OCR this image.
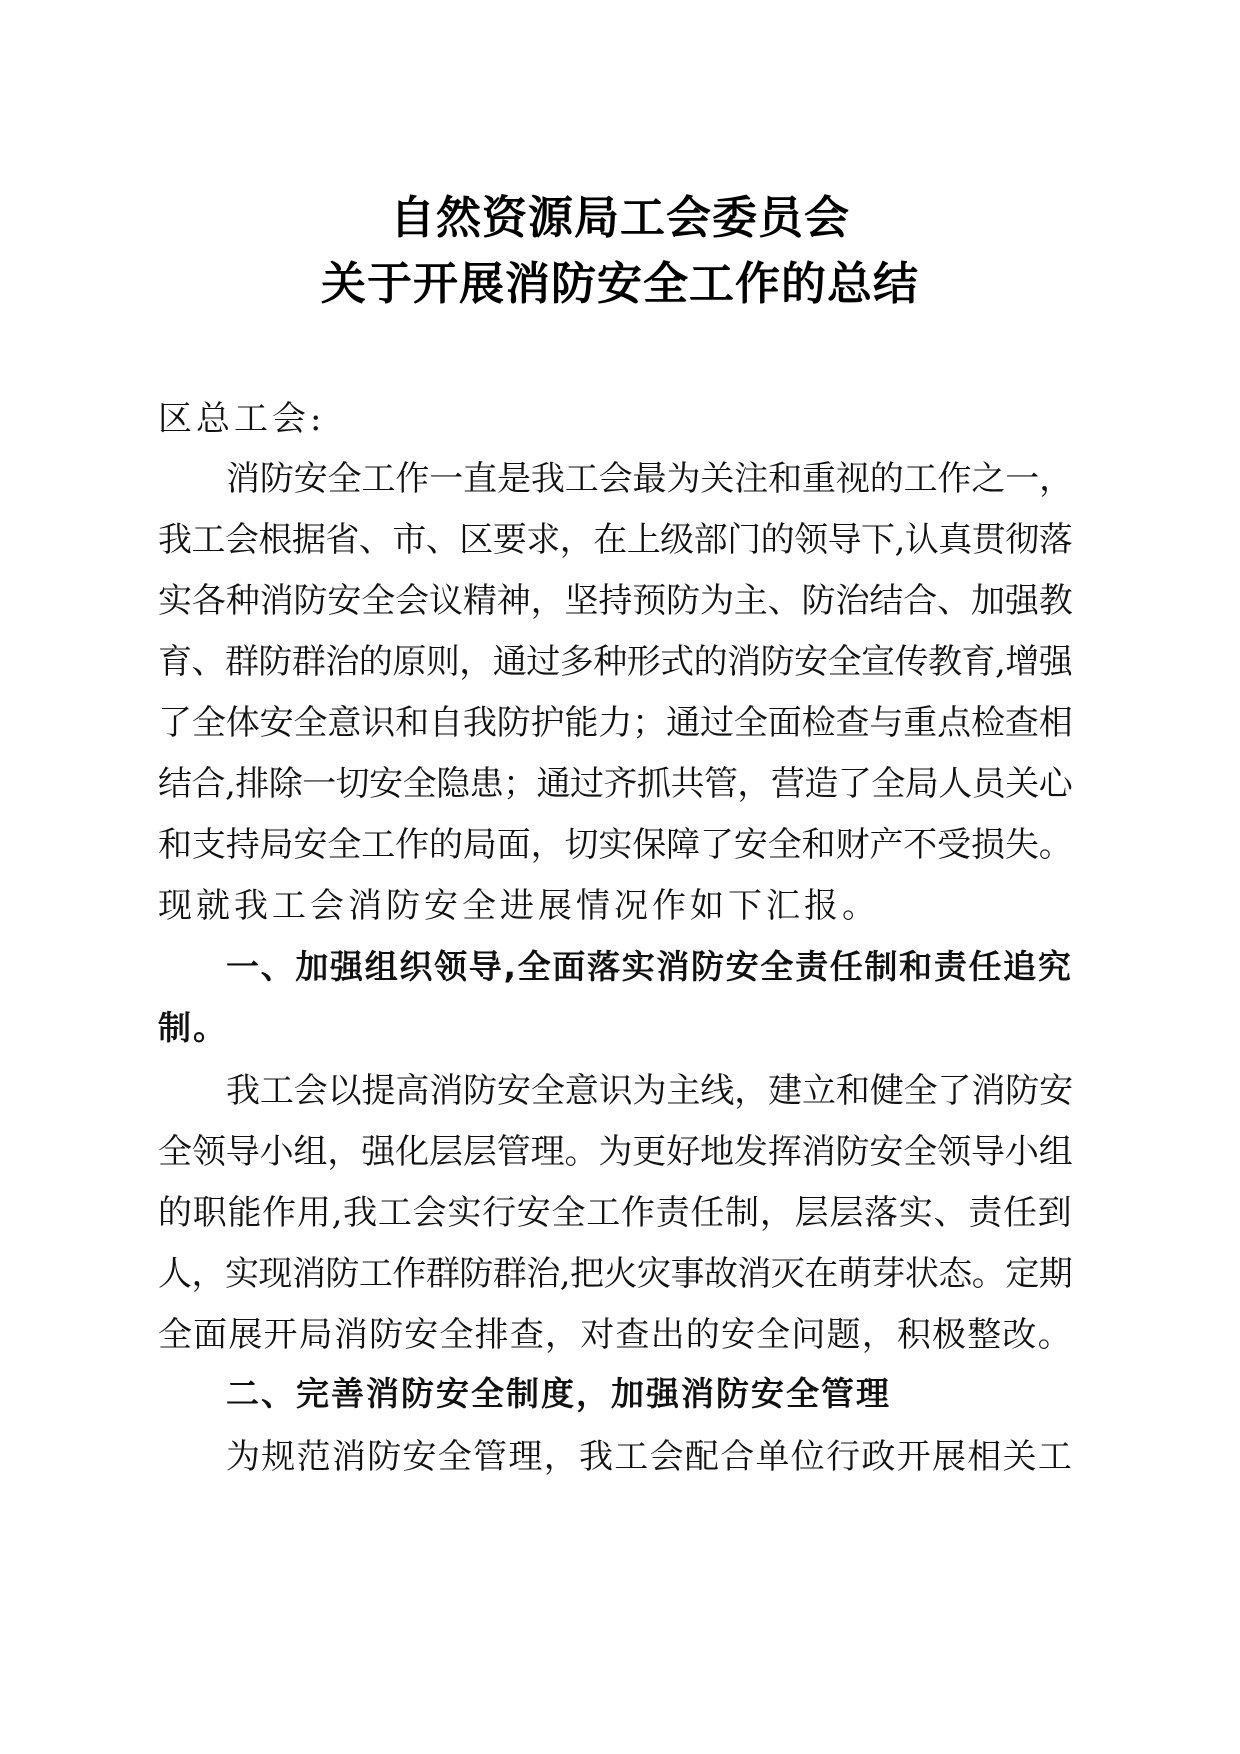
自然资源局工会委员会
关于开展消防安全工作的总结
区总工会:
消防安全工作一直是我工会最为关注和重视的工作之一，
我工会根据省、市、区要求，在上级部门的领导下,认真贯彻落
实各种消防安全会议精神，坚持预防为主、防治结合、加强教
育、群防群治的原则，通过多种形式的消防安全宣传教育,增强
了全体安全意识和自我防护能力；通过全面检查与重点检查相
结合,排除一切安全隐患；通过齐抓共管，营造了全局人员关心
和支持局安全工作的局面，切实保障了安全和财产不受损失。
现就我工会消防安全进展情况作如下汇报。
一、加强组织领导,全面落实消防安全责任制和责任追究
制。
我工会以提高消防安全意识为主线，建立和健全了消防安
全领导小组，强化层层管理。为更好地发挥消防安全领导小组
的职能作用,我工会实行安全工作责任制，层层落实、责任到
人，实现消防工作群防群治,把火灾事故消灭在萌芽状态。定期
全面展开局消防安全排查，对查出的安全问题，积极整改。
二、完善消防安全制度，加强消防安全管理
为规范消防安全管理，我工会配合单位行政开展相关工
